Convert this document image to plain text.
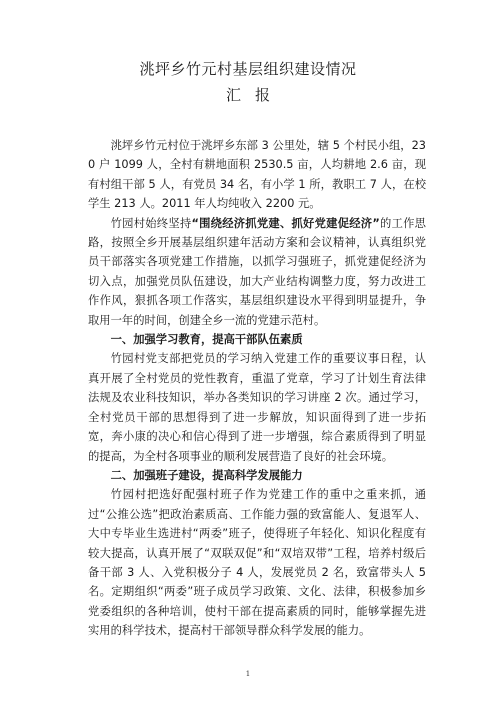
洮坪乡竹元村基层组织建设情况
汇报

洮坪乡竹元村位于洮坪乡东部 3 公里处，辖 5 个村民小组，230 户 1099 人，全村有耕地面积 2530.5 亩，人均耕地 2.6 亩，现有村组干部 5 人，有党员 34 名，有小学 1 所，教职工 7 人，在校学生 213 人。2011 年人均纯收入 2200 元。

竹园村始终坚持“围绕经济抓党建、抓好党建促经济”的工作思路，按照全乡开展基层组织建年活动方案和会议精神，认真组织党员干部落实各项党建工作措施，以抓学习强班子，抓党建促经济为切入点，加强党员队伍建设，加大产业结构调整力度，努力改进工作作风，狠抓各项工作落实，基层组织建设水平得到明显提升，争取用一年的时间，创建全乡一流的党建示范村。

一、加强学习教育，提高干部队伍素质

竹园村党支部把党员的学习纳入党建工作的重要议事日程，认真开展了全村党员的党性教育，重温了党章，学习了计划生育法律法规及农业科技知识，举办各类知识的学习讲座 2 次。通过学习，全村党员干部的思想得到了进一步解放，知识面得到了进一步拓宽，奔小康的决心和信心得到了进一步增强，综合素质得到了明显的提高，为全村各项事业的顺利发展营造了良好的社会环境。

二、加强班子建设，提高科学发展能力

竹园村把选好配强村班子作为党建工作的重中之重来抓，通过“公推公选”把政治素质高、工作能力强的致富能人、复退军人、大中专毕业生选进村“两委”班子，使得班子年轻化、知识化程度有较大提高，认真开展了“双联双促”和“双培双带”工程，培养村级后备干部 3 人、入党积极分子 4 人，发展党员 2 名，致富带头人 5 名。定期组织“两委”班子成员学习政策、文化、法律，积极参加乡党委组织的各种培训，使村干部在提高素质的同时，能够掌握先进实用的科学技术，提高村干部领导群众科学发展的能力。

1
